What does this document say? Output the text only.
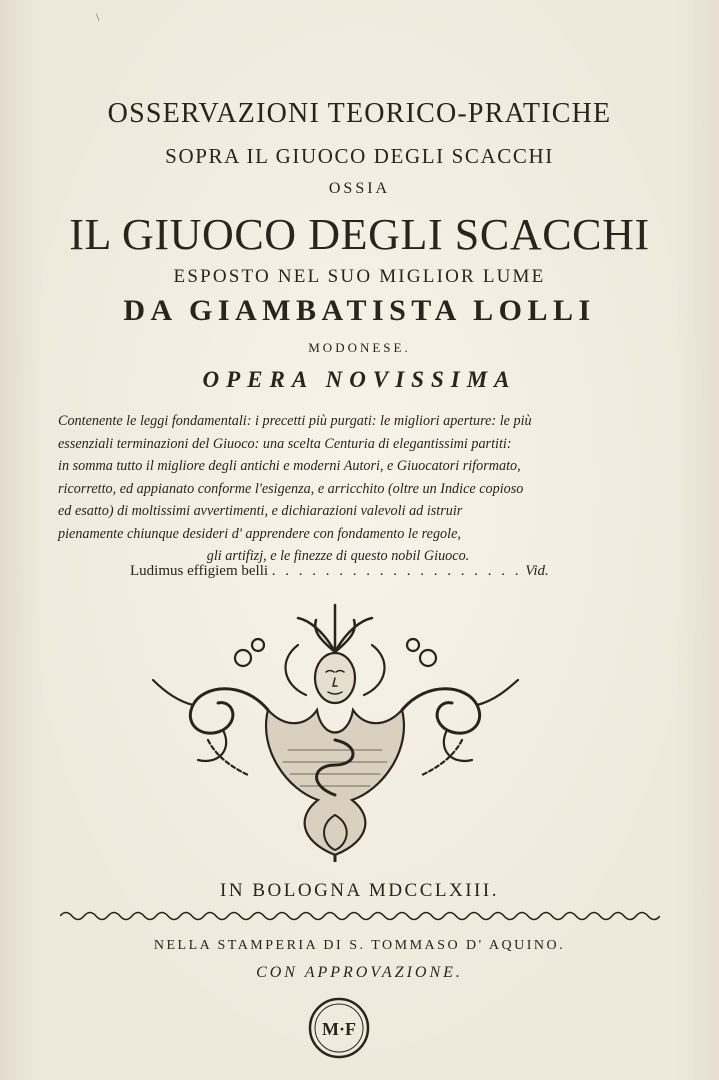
\
OSSERVAZIONI TEORICO-PRATICHE
SOPRA IL GIUOCO DEGLI SCACCHI
OSSIA
IL GIUOCO DEGLI SCACCHI
ESPOSTO NEL SUO MIGLIOR LUME
DA GIAMBATISTA LOLLI
MODONESE.
OPERA NOVISSIMA
Contenente le leggi fondamentali: i precetti più purgati: le migliori aperture: le più
essenziali terminazioni del Giuoco: una scelta Centuria di elegantissimi partiti:
in somma tutto il migliore degli antichi e moderni Autori, e Giuocatori riformato,
ricorretto, ed appianato conforme l'esigenza, e arricchito (oltre un Indice copioso
ed esatto) di moltissimi avvertimenti, e dichiarazioni valevoli ad istruir
pienamente chiunque desideri d' apprendere con fondamento le regole,
gli artifizj, e le finezze di questo nobil Giuoco.
Ludimus effigiem belli . . . . . . . . . . . . . . . . . . . Vid.
IN BOLOGNA MDCCLXIII.
NELLA STAMPERIA DI S. TOMMASO D' AQUINO.
CON APPROVAZIONE.
M·F
